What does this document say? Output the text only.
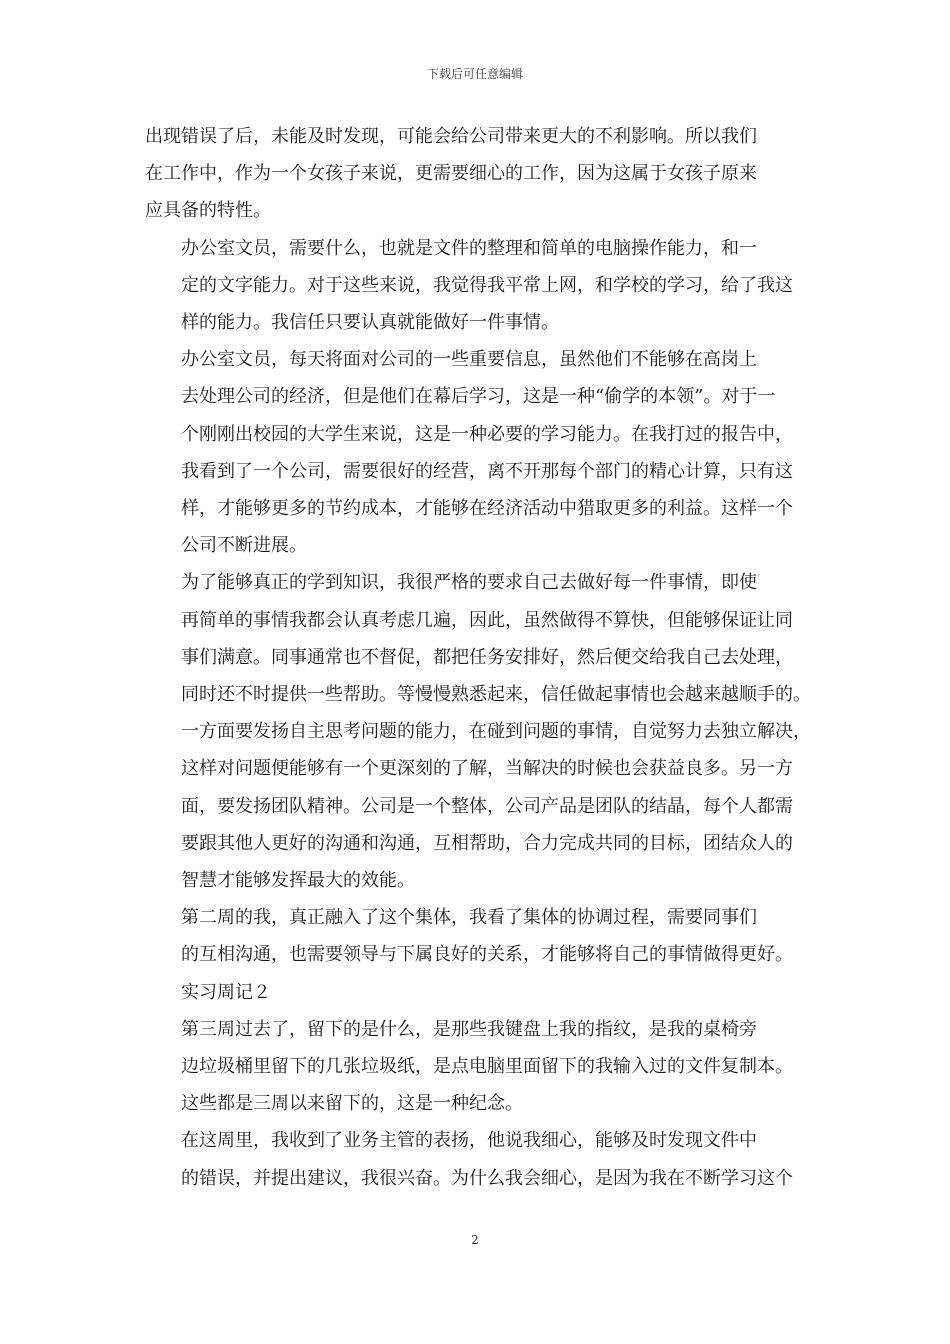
下载后可任意编辑
出现错误了后，未能及时发现，可能会给公司带来更大的不利影响。所以我们
在工作中，作为一个女孩子来说，更需要细心的工作，因为这属于女孩子原来
应具备的特性。
办公室文员，需要什么，也就是文件的整理和简单的电脑操作能力，和一
定的文字能力。对于这些来说，我觉得我平常上网，和学校的学习，给了我这
样的能力。我信任只要认真就能做好一件事情。
办公室文员，每天将面对公司的一些重要信息，虽然他们不能够在高岗上
去处理公司的经济，但是他们在幕后学习，这是一种“偷学的本领”。对于一
个刚刚出校园的大学生来说，这是一种必要的学习能力。在我打过的报告中，
我看到了一个公司，需要很好的经营，离不开那每个部门的精心计算，只有这
样，才能够更多的节约成本，才能够在经济活动中猎取更多的利益。这样一个
公司不断进展。
为了能够真正的学到知识，我很严格的要求自己去做好每一件事情，即使
再简单的事情我都会认真考虑几遍，因此，虽然做得不算快，但能够保证让同
事们满意。同事通常也不督促，都把任务安排好，然后便交给我自己去处理，
同时还不时提供一些帮助。等慢慢熟悉起来，信任做起事情也会越来越顺手的。
一方面要发扬自主思考问题的能力，在碰到问题的事情，自觉努力去独立解决，
这样对问题便能够有一个更深刻的了解，当解决的时候也会获益良多。另一方
面，要发扬团队精神。公司是一个整体，公司产品是团队的结晶，每个人都需
要跟其他人更好的沟通和沟通，互相帮助，合力完成共同的目标，团结众人的
智慧才能够发挥最大的效能。
第二周的我，真正融入了这个集体，我看了集体的协调过程，需要同事们
的互相沟通，也需要领导与下属良好的关系，才能够将自己的事情做得更好。
实习周记２
第三周过去了，留下的是什么，是那些我键盘上我的指纹，是我的桌椅旁
边垃圾桶里留下的几张垃圾纸，是点电脑里面留下的我输入过的文件复制本。
这些都是三周以来留下的，这是一种纪念。
在这周里，我收到了业务主管的表扬，他说我细心，能够及时发现文件中
的错误，并提出建议，我很兴奋。为什么我会细心，是因为我在不断学习这个
2
